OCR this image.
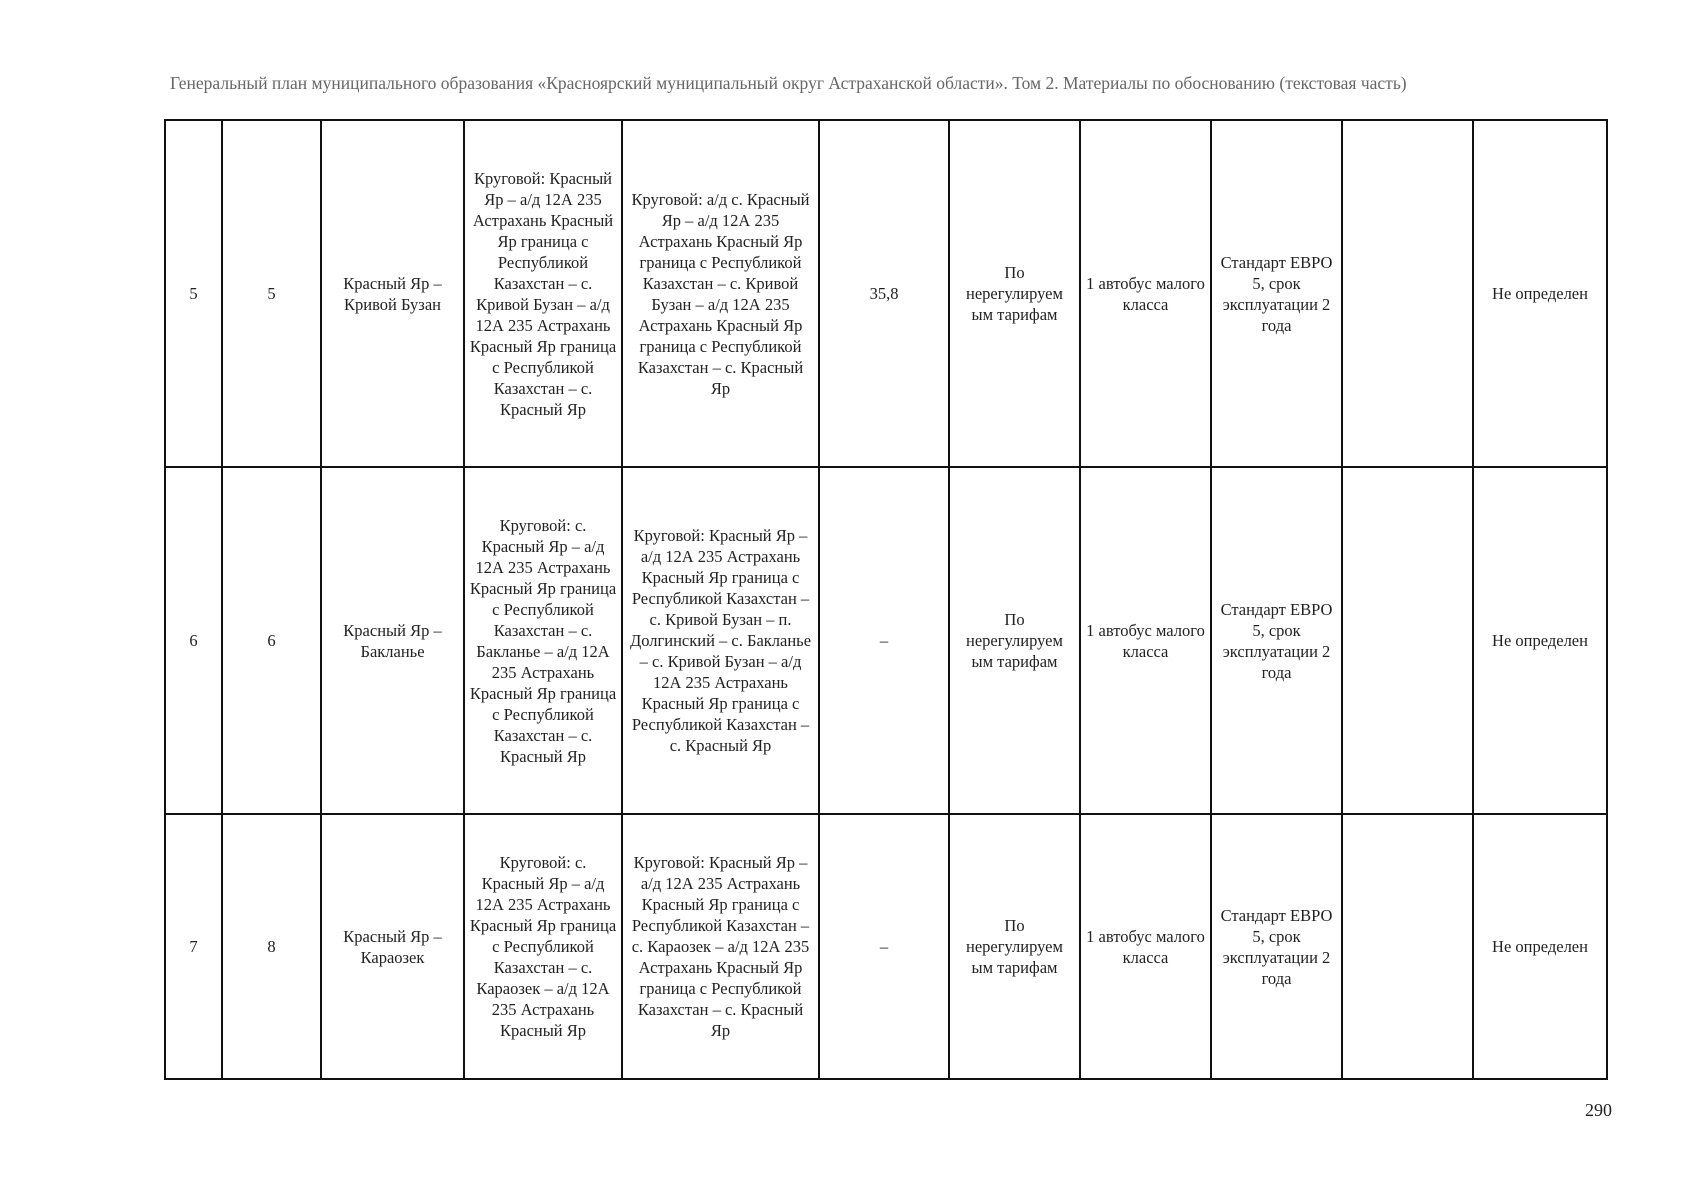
Генеральный план муниципального образования «Красноярский муниципальный округ Астраханской области». Том 2. Материалы по обоснованию (текстовая часть)
5	5	Красный Яр – Кривой Бузан	Круговой: Красный Яр – а/д 12А 235 Астрахань Красный Яр граница с Республикой Казахстан – с. Кривой Бузан – а/д 12А 235 Астрахань Красный Яр граница с Республикой Казахстан – с. Красный Яр	Круговой: а/д с. Красный Яр – а/д 12А 235 Астрахань Красный Яр граница с Республикой Казахстан – с. Кривой Бузан – а/д 12А 235 Астрахань Красный Яр граница с Республикой Казахстан – с. Красный Яр	35,8	По нерегулируем ым тарифам	1 автобус малого класса	Стандарт ЕВРО 5, срок эксплуатации 2 года		Не определен
6	6	Красный Яр – Бакланье	Круговой: с. Красный Яр – а/д 12А 235 Астрахань Красный Яр граница с Республикой Казахстан – с. Бакланье – а/д 12А 235 Астрахань Красный Яр граница с Республикой Казахстан – с. Красный Яр	Круговой: Красный Яр – а/д 12А 235 Астрахань Красный Яр граница с Республикой Казахстан – с. Кривой Бузан – п. Долгинский – с. Бакланье – с. Кривой Бузан – а/д 12А 235 Астрахань Красный Яр граница с Республикой Казахстан – с. Красный Яр	–	По нерегулируем ым тарифам	1 автобус малого класса	Стандарт ЕВРО 5, срок эксплуатации 2 года		Не определен
7	8	Красный Яр – Караозек	Круговой: с. Красный Яр – а/д 12А 235 Астрахань Красный Яр граница с Республикой Казахстан – с. Караозек – а/д 12А 235 Астрахань Красный Яр	Круговой: Красный Яр – а/д 12А 235 Астрахань Красный Яр граница с Республикой Казахстан – с. Караозек – а/д 12А 235 Астрахань Красный Яр граница с Республикой Казахстан – с. Красный Яр	–	По нерегулируем ым тарифам	1 автобус малого класса	Стандарт ЕВРО 5, срок эксплуатации 2 года		Не определен
290
